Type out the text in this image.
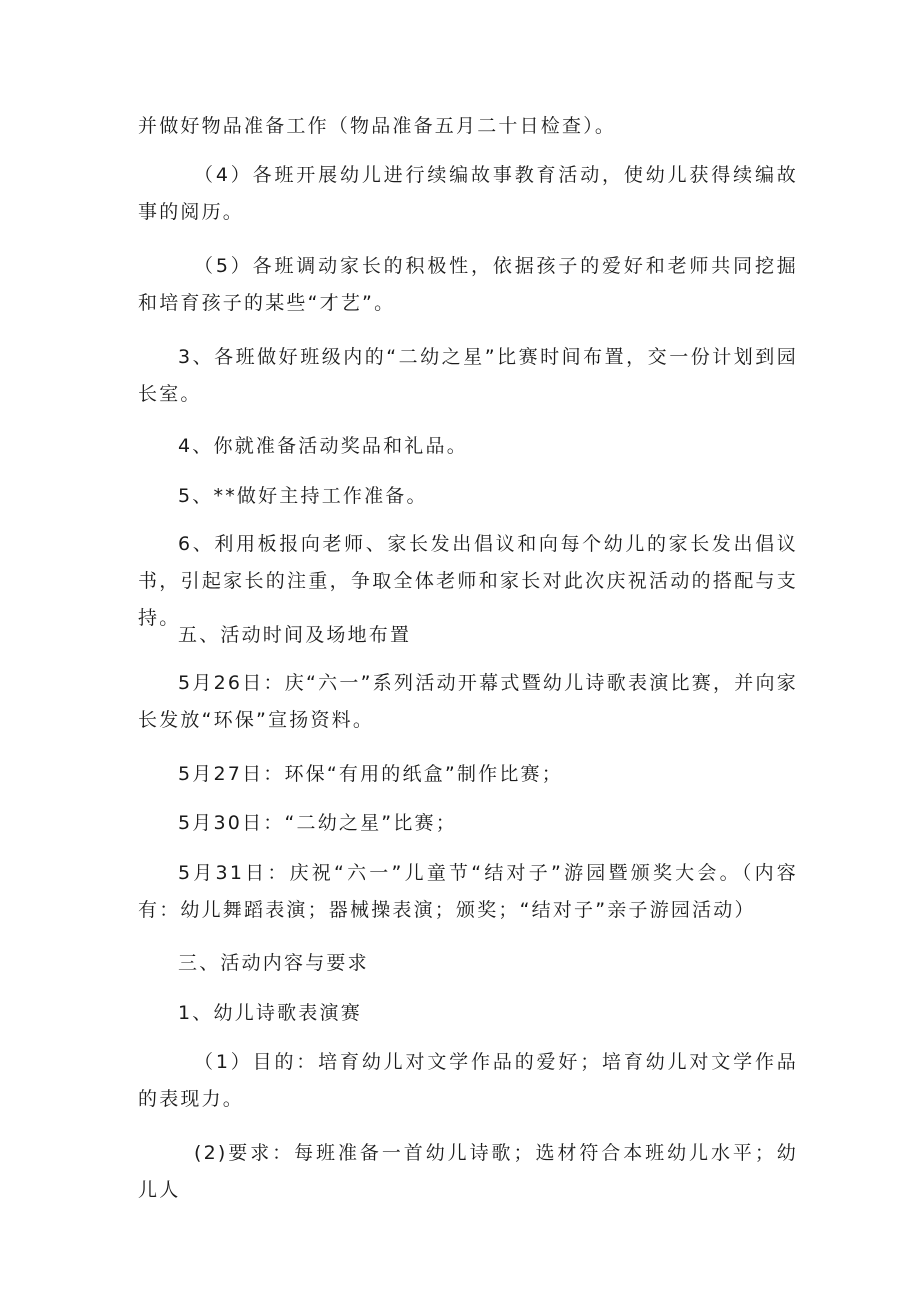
并做好物品准备工作（物品准备五月二十日检查）。

（4）各班开展幼儿进行续编故事教育活动，使幼儿获得续编故事的阅历。

（5）各班调动家长的积极性，依据孩子的爱好和老师共同挖掘和培育孩子的某些“才艺”。

3、各班做好班级内的“二幼之星”比赛时间布置，交一份计划到园长室。

4、你就准备活动奖品和礼品。

5、**做好主持工作准备。

6、利用板报向老师、家长发出倡议和向每个幼儿的家长发出倡议书，引起家长的注重，争取全体老师和家长对此次庆祝活动的搭配与支持。

五、活动时间及场地布置

5月26日：庆“六一”系列活动开幕式暨幼儿诗歌表演比赛，并向家长发放“环保”宣扬资料。

5月27日：环保“有用的纸盒”制作比赛；

5月30日：“二幼之星”比赛；

5月31日：庆祝“六一”儿童节“结对子”游园暨颁奖大会。（内容有：幼儿舞蹈表演；器械操表演；颁奖；“结对子”亲子游园活动）

三、活动内容与要求

1、幼儿诗歌表演赛

（1）目的：培育幼儿对文学作品的爱好；培育幼儿对文学作品的表现力。

(2)要求：每班准备一首幼儿诗歌；选材符合本班幼儿水平；幼儿人
